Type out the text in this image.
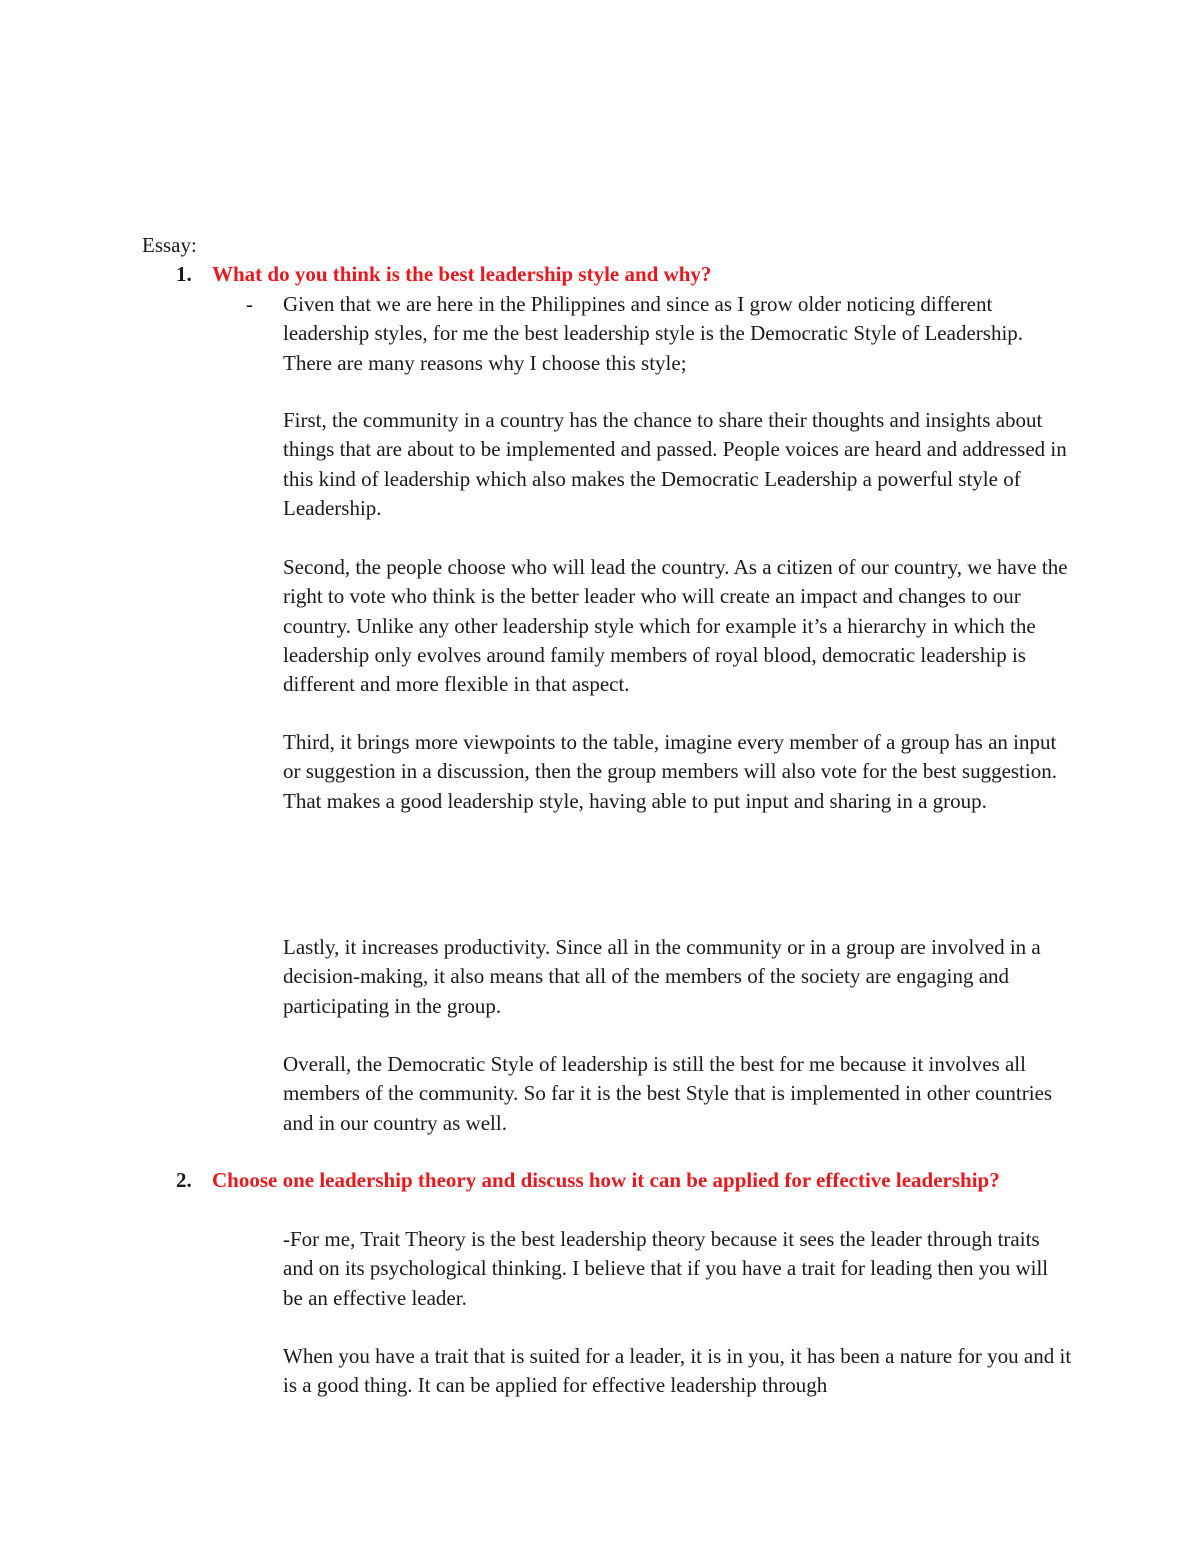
Essay:
1. What do you think is the best leadership style and why?
- Given that we are here in the Philippines and since as I grow older noticing different leadership styles, for me the best leadership style is the Democratic Style of Leadership. There are many reasons why I choose this style;
First, the community in a country has the chance to share their thoughts and insights about things that are about to be implemented and passed. People voices are heard and addressed in this kind of leadership which also makes the Democratic Leadership a powerful style of Leadership.
Second, the people choose who will lead the country. As a citizen of our country, we have the right to vote who think is the better leader who will create an impact and changes to our country. Unlike any other leadership style which for example it’s a hierarchy in which the leadership only evolves around family members of royal blood, democratic leadership is different and more flexible in that aspect.
Third, it brings more viewpoints to the table, imagine every member of a group has an input or suggestion in a discussion, then the group members will also vote for the best suggestion. That makes a good leadership style, having able to put input and sharing in a group.
Lastly, it increases productivity. Since all in the community or in a group are involved in a decision-making, it also means that all of the members of the society are engaging and participating in the group.
Overall, the Democratic Style of leadership is still the best for me because it involves all members of the community. So far it is the best Style that is implemented in other countries and in our country as well.
2. Choose one leadership theory and discuss how it can be applied for effective leadership?
-For me, Trait Theory is the best leadership theory because it sees the leader through traits and on its psychological thinking. I believe that if you have a trait for leading then you will be an effective leader.
When you have a trait that is suited for a leader, it is in you, it has been a nature for you and it is a good thing. It can be applied for effective leadership through
